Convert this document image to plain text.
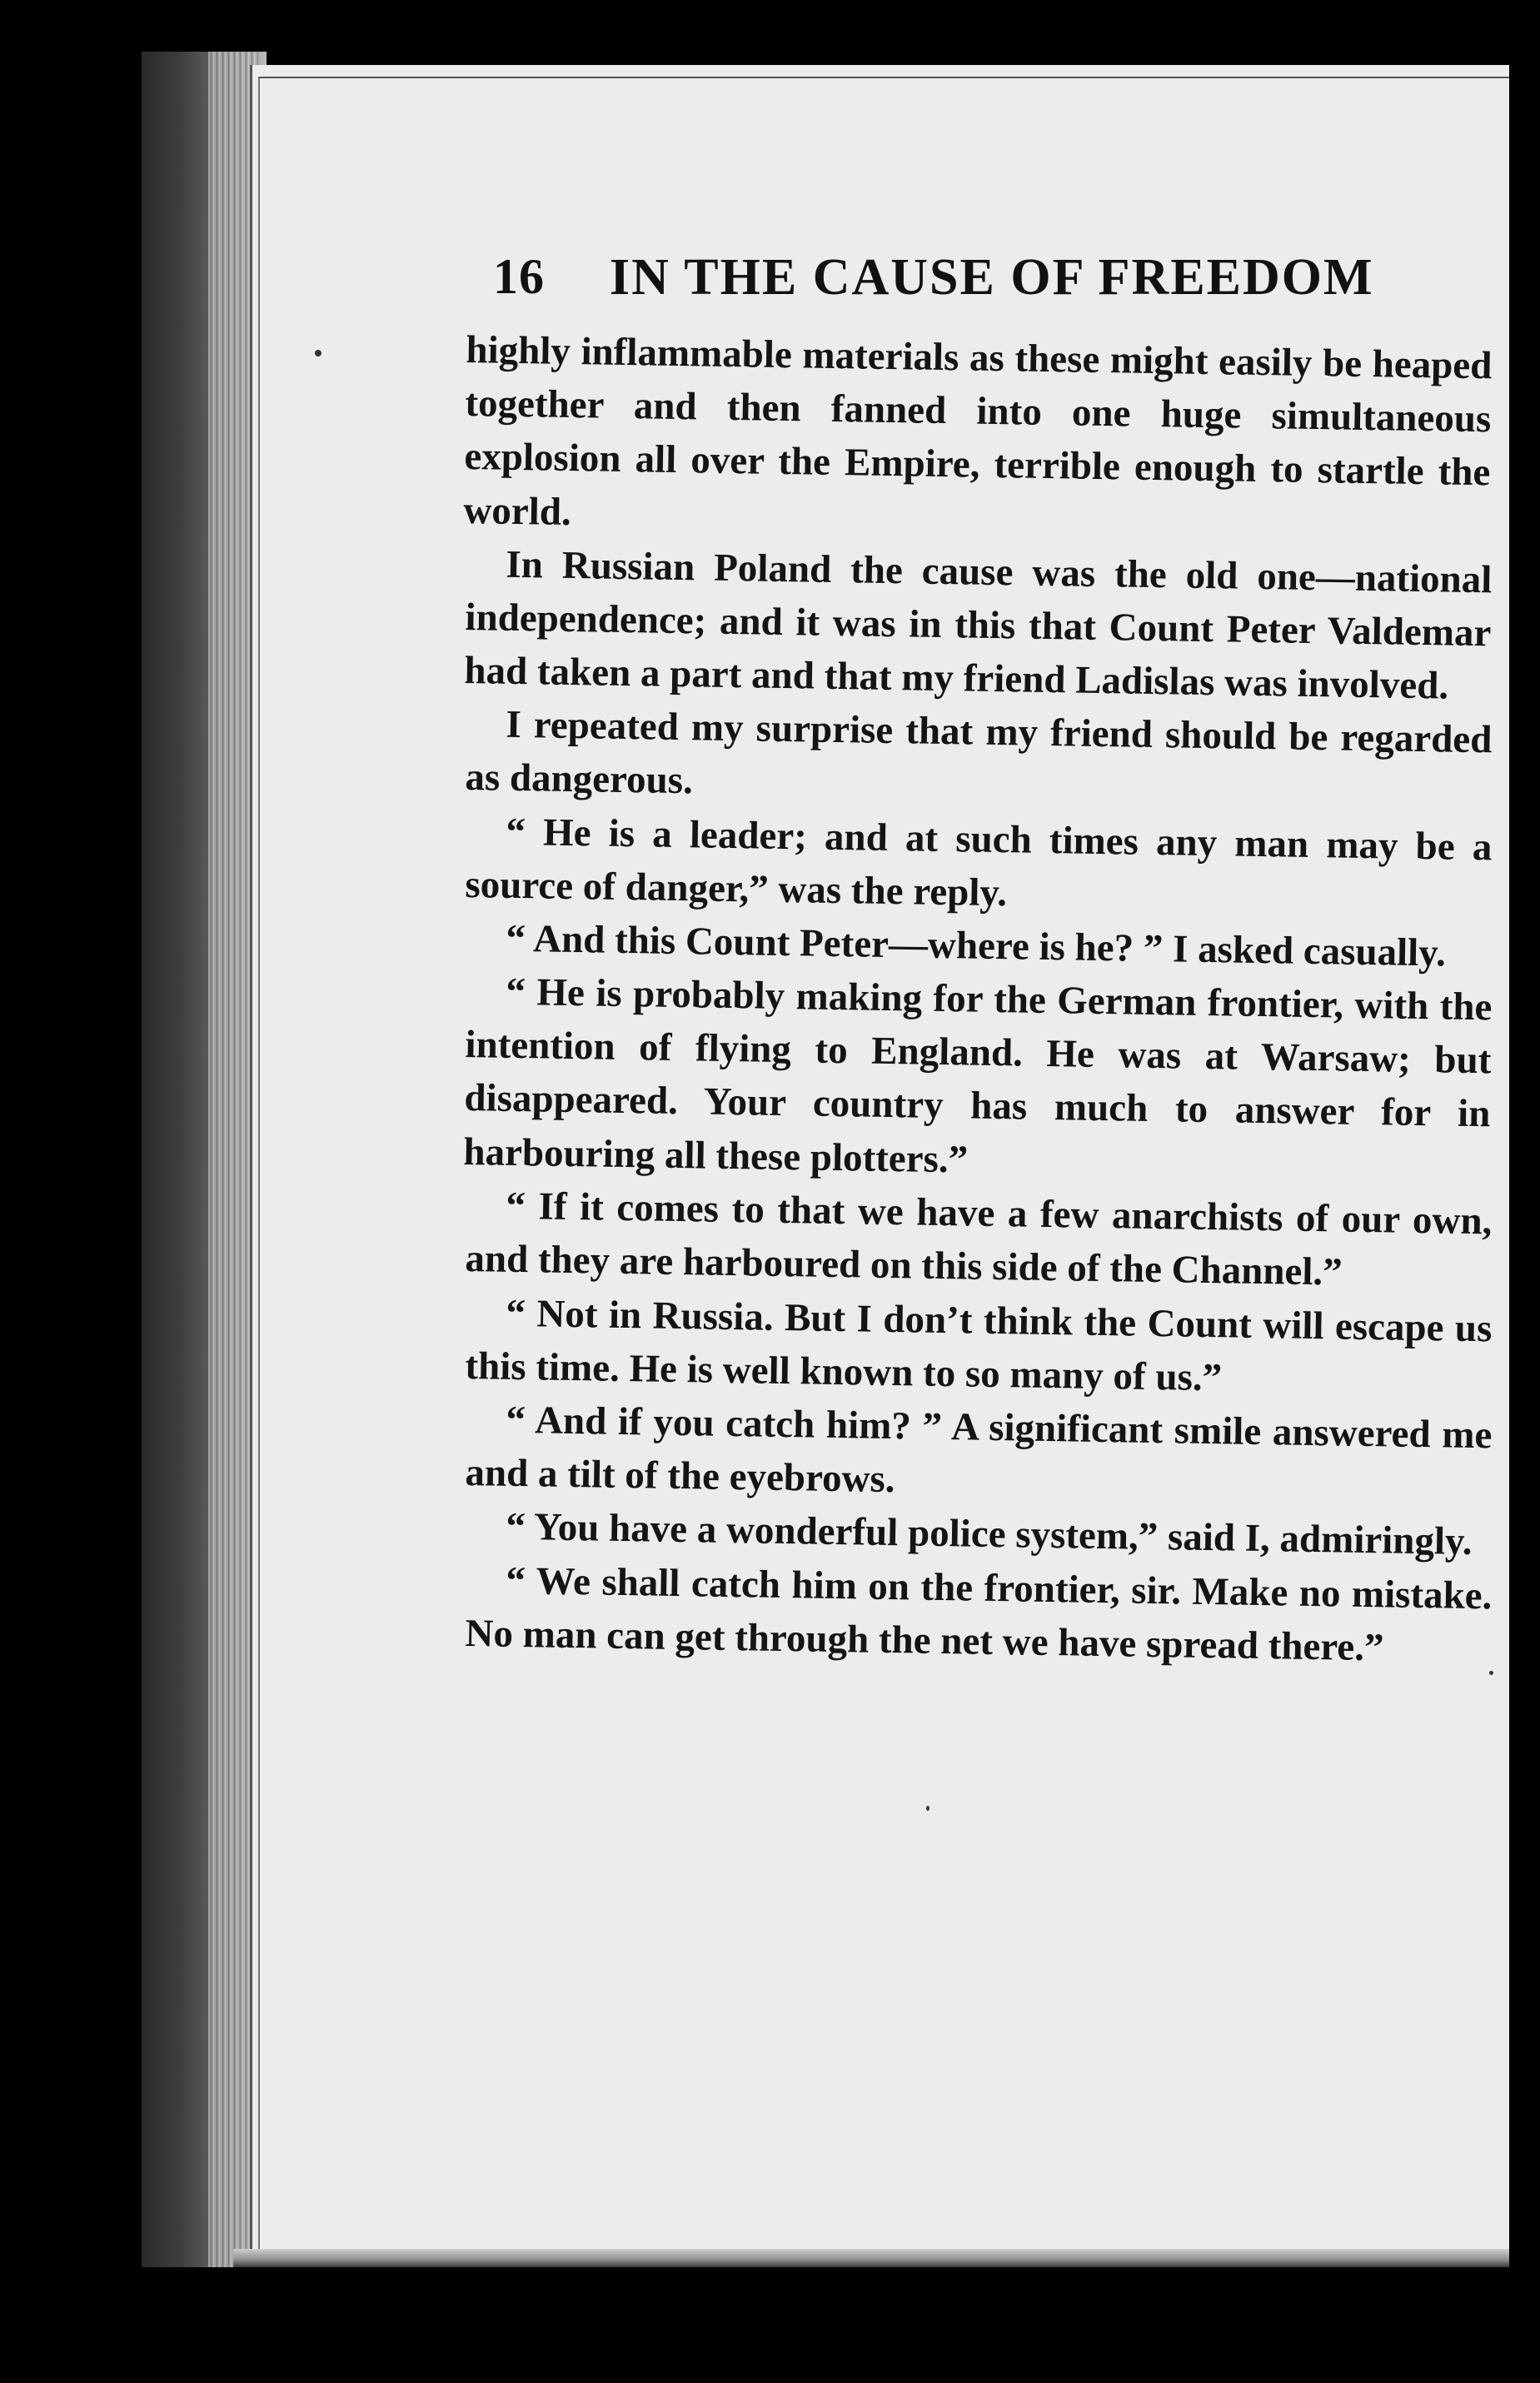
16 IN THE CAUSE OF FREEDOM

highly inflammable materials as these might easily be heaped together and then fanned into one huge simultaneous explosion all over the Empire, terrible enough to startle the world.

In Russian Poland the cause was the old one—national independence; and it was in this that Count Peter Valdemar had taken a part and that my friend Ladislas was involved.

I repeated my surprise that my friend should be regarded as dangerous.

“ He is a leader; and at such times any man may be a source of danger,” was the reply.

“ And this Count Peter—where is he? ” I asked casually.

“ He is probably making for the German frontier, with the intention of flying to England. He was at Warsaw; but disappeared. Your country has much to answer for in harbouring all these plotters.”

“ If it comes to that we have a few anarchists of our own, and they are harboured on this side of the Channel.”

“ Not in Russia. But I don’t think the Count will escape us this time. He is well known to so many of us.”

“ And if you catch him? ” A significant smile answered me and a tilt of the eyebrows.

“ You have a wonderful police system,” said I, admiringly.

“ We shall catch him on the frontier, sir. Make no mistake. No man can get through the net we have spread there.”
